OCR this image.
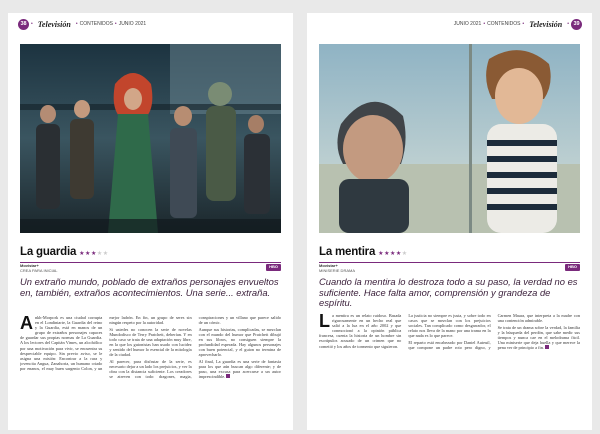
38 • Televisión • CONTENIDOS • JUNIO 2021
La guardia ★★★★★
Movistar+
CREA PARA INICIAL
HBO
Un extraño mundo, poblado de extraños personajes envueltos en, también, extraños acontecimientos. Una serie... extraña.
A nkh-Morpork es una ciudad corrupta en el Londiniarte, la Guardia del reino y la Guardia, está en manos de un grupo de extraños personajes capaces de guardar sus propias normas de La Guardia. A los lectores del Capitán Vimes, un alcohólico por una motivación para vivir, se encuentra su despreciable equipo. Sin previo aviso, se le asigna una misión: Encontrar a la rara y jovencita Angua, Zanahoria, un humano criado por enanos, el muy buen sargento Colon, y un mejor ladrón. En fin, un grupo de seres sin ningún respeto por la autoridad.

Si ustedes no conocen la serie de novelas Mundodisco de Terry Pratchett, deberían. Y en todo caso se trata de una adaptación muy libre, en la que los guionistas han usado con lucidez y sentido del humor lo esencial de la mitología de la ciudad.

Al parecer, para disfrutar de la serie, es necesario dejar a un lado los prejuicios, y ver la obra con la distancia suficiente. Los creadores se atreven con todo: dragones, magia, conspiraciones y un villano que parece salido de un cómic.

Aunque sus historias, complicadas, se mezclan con el mundo del humor que Pratchett dibujó en sus libros, no consiguen siempre la profundidad esperada. Hay algunos personajes con buen potencial, y el guion no termina de aprovecharlo.

Al final, La guardia es una serie de fantasía para los que aún buscan algo diferente; y de paso, una excusa para acercarse a un autor imprescindible.

JUNIO 2021 • CONTENIDOS • Televisión • 39
La mentira ★★★★★
Movistar+
MINISERIE DRAMA
HBO
Cuando la mentira lo destroza todo a su paso, la verdad no es suficiente. Hace falta amor, comprensión y grandeza de espíritu.
L a mentira es un relato ruidoso. Basada rigurosamente en un hecho real que salió a la luz en el año 2002 y que conmocionó a la opinión pública francesa, cuenta la historia de un hombre sin escrúpulos acusado de un crimen que no cometió y los años de tormento que siguieron.

La justicia no siempre es justa, y sobre todo en casos que se mezclan con los prejuicios sociales. Tan complicado como desgarrador, el relato nos lleva de la mano por una trama en la que nada es lo que parece.

El reparto está encabezado por Daniel Auteuil, que compone un padre roto pero digno, y Carmen Maura, que interpreta a la madre con una contención admirable.

Se trata de un drama sobre la verdad, la familia y la búsqueda del perdón, que sabe medir sus tiempos y nunca cae en el melodrama fácil. Una miniserie que deja huella y que merece la pena ver de principio a fin.
